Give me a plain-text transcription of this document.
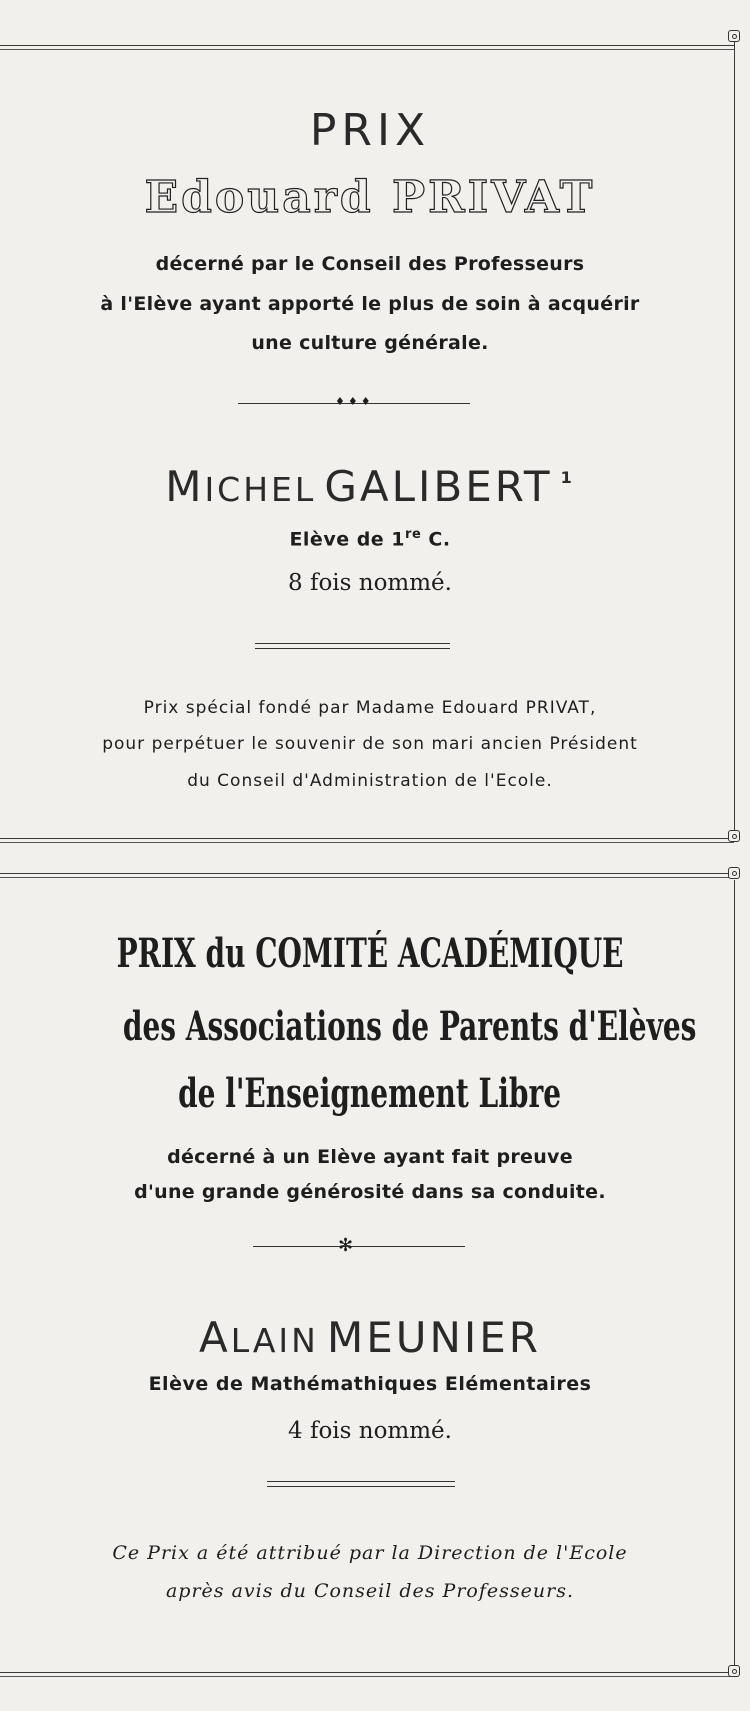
PRIX
Edouard PRIVAT
décerné par le Conseil des Professeurs
à l'Elève ayant apporté le plus de soin à acquérir
une culture générale.
♦♦♦
MICHEL GALIBERT $^1$
Elève de 1re C.
8 fois nommé.
Prix spécial fondé par Madame Edouard PRIVAT,
pour perpétuer le souvenir de son mari ancien Président
du Conseil d'Administration de l'Ecole.
PRIX du COMITÉ ACADÉMIQUE
des Associations de Parents d'Elèves
de l'Enseignement Libre
décerné à un Elève ayant fait preuve
d'une grande générosité dans sa conduite.
✻
ALAIN MEUNIER
Elève de Mathémathiques Elémentaires
4 fois nommé.
Ce Prix a été attribué par la Direction de l'Ecole
après avis du Conseil des Professeurs.
